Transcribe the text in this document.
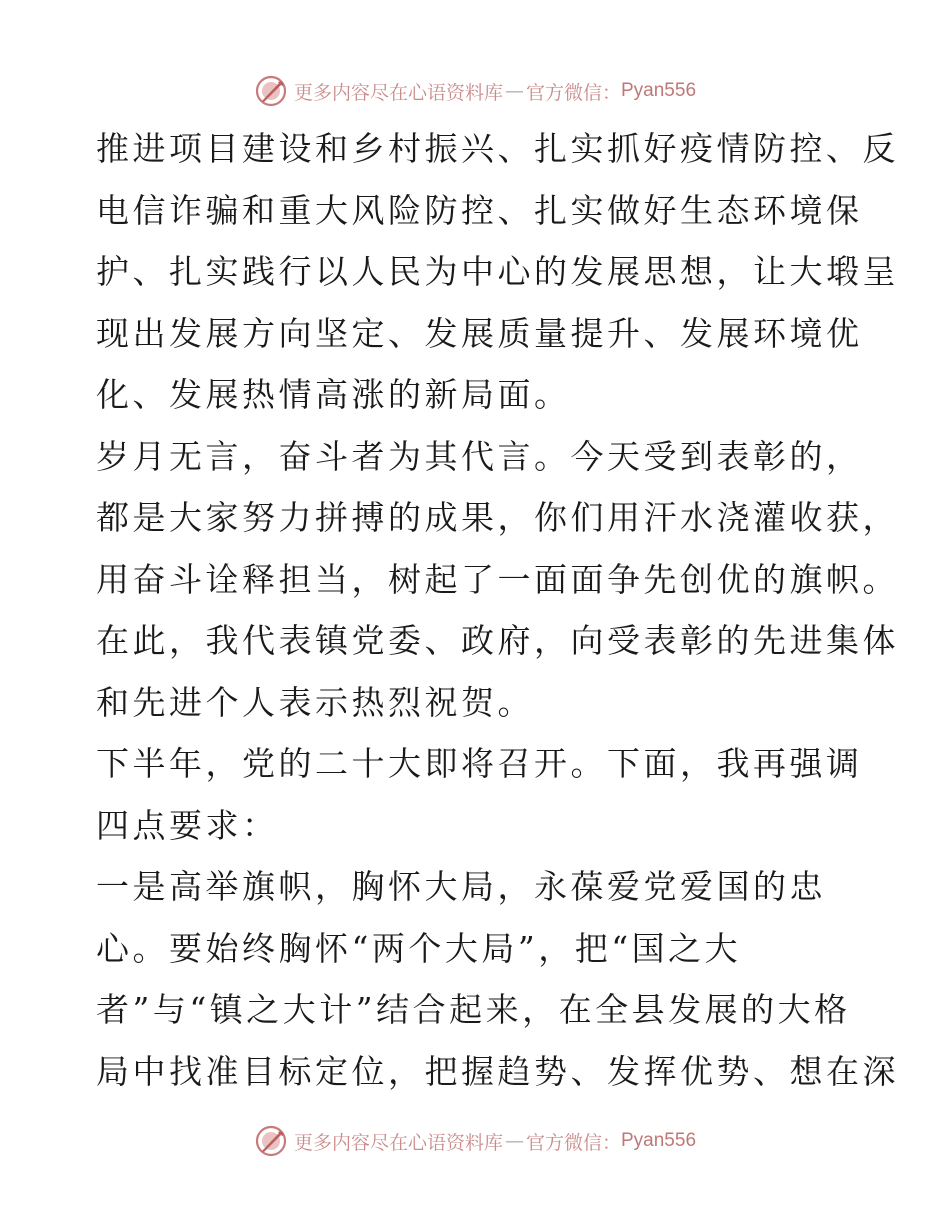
更多内容尽在心语资料库 — 官方微信： Pyan556
推进项目建设和乡村振兴、扎实抓好疫情防控、反
电信诈骗和重大风险防控、扎实做好生态环境保
护、扎实践行以人民为中心的发展思想，让大塅呈
现出发展方向坚定、发展质量提升、发展环境优
化、发展热情高涨的新局面。
岁月无言，奋斗者为其代言。今天受到表彰的，
都是大家努力拼搏的成果，你们用汗水浇灌收获，
用奋斗诠释担当，树起了一面面争先创优的旗帜。
在此，我代表镇党委、政府，向受表彰的先进集体
和先进个人表示热烈祝贺。
下半年，党的二十大即将召开。下面，我再强调
四点要求：
一是高举旗帜，胸怀大局，永葆爱党爱国的忠
心。要始终胸怀“两个大局”，把“国之大
者”与“镇之大计”结合起来，在全县发展的大格
局中找准目标定位，把握趋势、发挥优势、想在深
更多内容尽在心语资料库 — 官方微信： Pyan556
